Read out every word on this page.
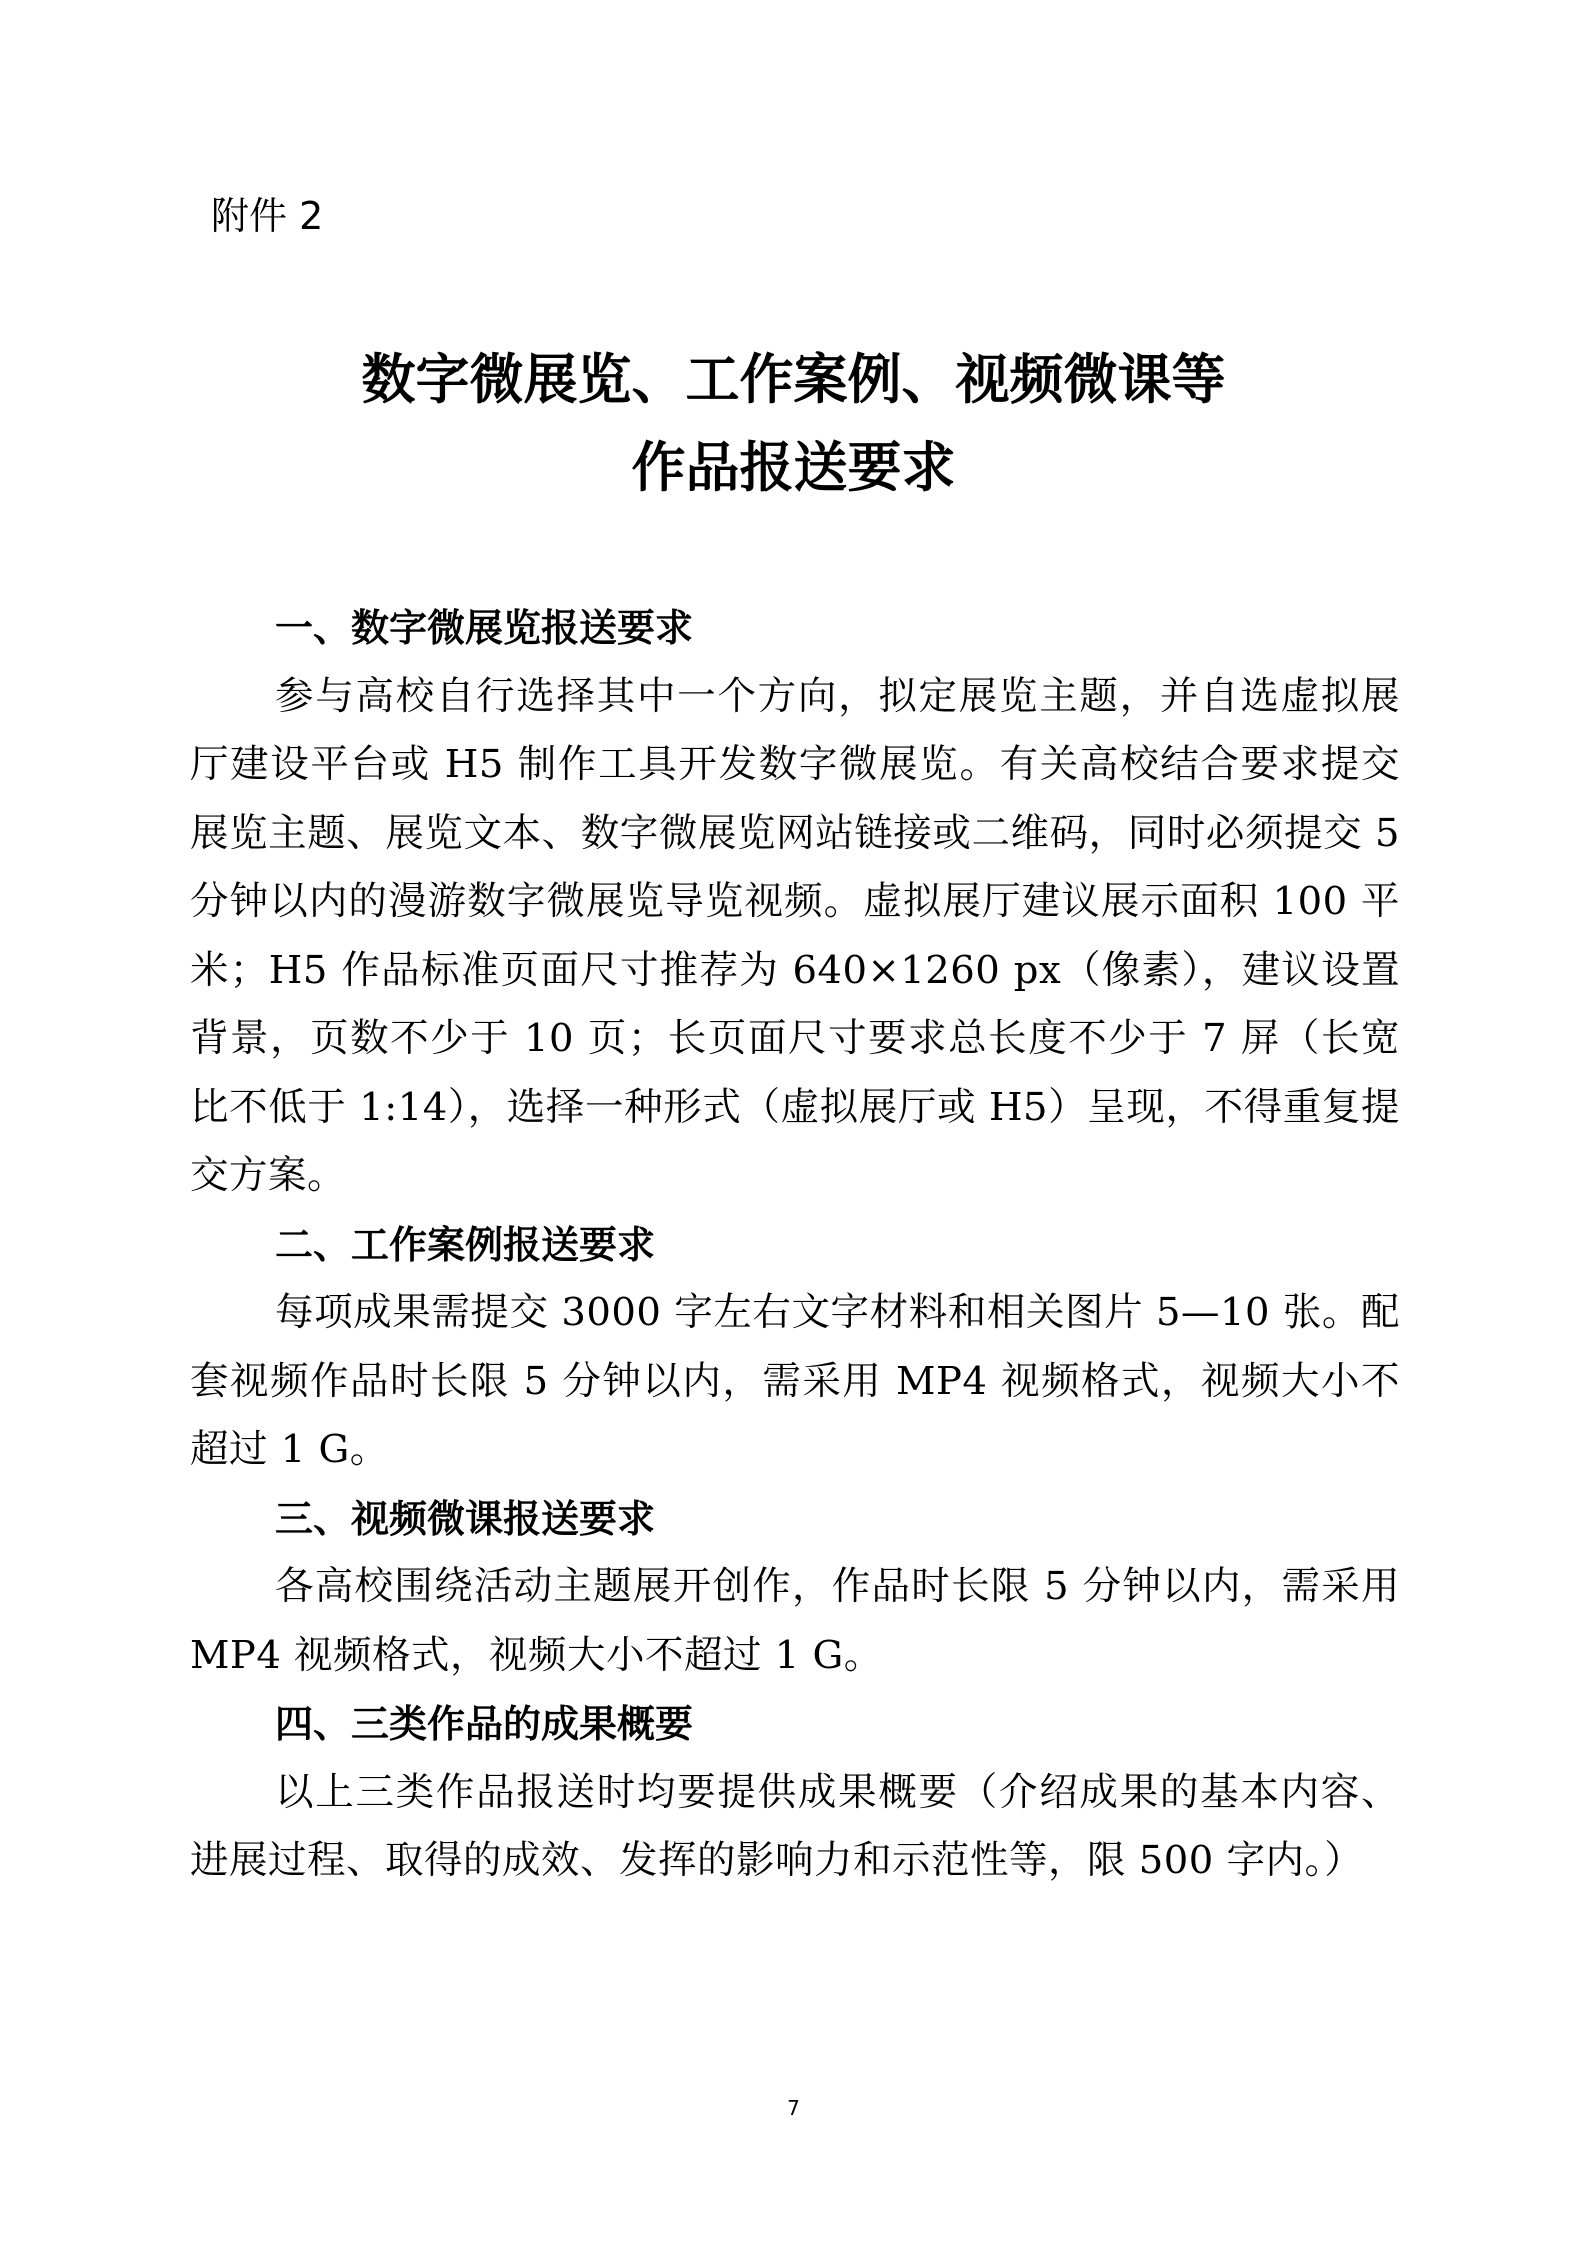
附件 2

数字微展览、工作案例、视频微课等
作品报送要求
一、数字微展览报送要求

参与高校自行选择其中一个方向，拟定展览主题，并自选虚拟展厅建设平台或 H5 制作工具开发数字微展览。有关高校结合要求提交展览主题、展览文本、数字微展览网站链接或二维码，同时必须提交 5 分钟以内的漫游数字微展览导览视频。虚拟展厅建议展示面积 100 平米；H5 作品标准页面尺寸推荐为 640×1260 px（像素），建议设置背景，页数不少于 10 页；长页面尺寸要求总长度不少于 7 屏（长宽比不低于 1:14），选择一种形式（虚拟展厅或 H5）呈现，不得重复提交方案。

二、工作案例报送要求

每项成果需提交 3000 字左右文字材料和相关图片 5—10 张。配套视频作品时长限 5 分钟以内，需采用 MP4 视频格式，视频大小不超过 1 G。

三、视频微课报送要求

各高校围绕活动主题展开创作，作品时长限 5 分钟以内，需采用 MP4 视频格式，视频大小不超过 1 G。

四、三类作品的成果概要

以上三类作品报送时均要提供成果概要（介绍成果的基本内容、进展过程、取得的成效、发挥的影响力和示范性等，限 500 字内。）

7
